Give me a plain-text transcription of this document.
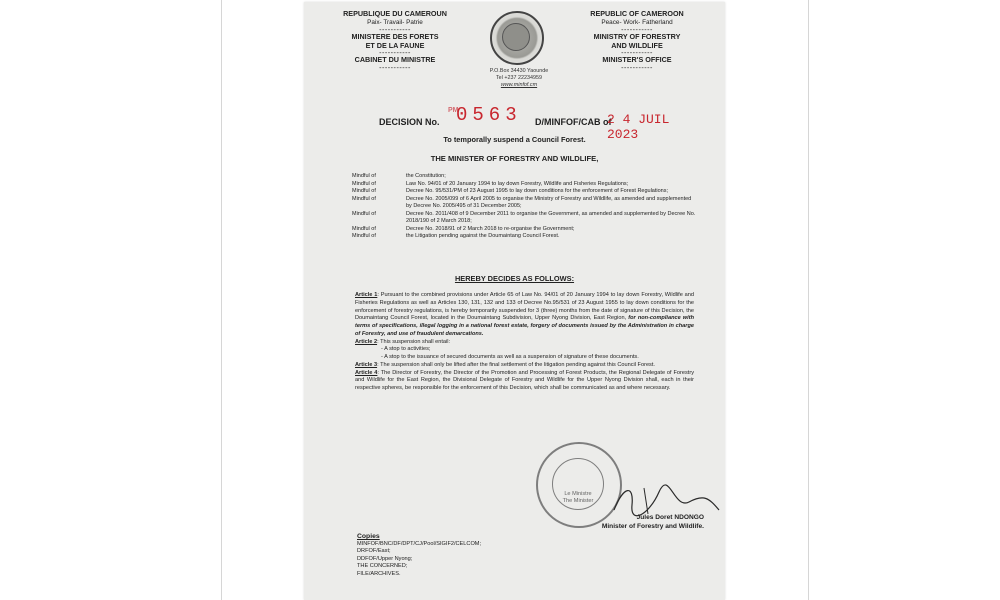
REPUBLIQUE DU CAMEROUN
Paix- Travail- Patrie
-----------
MINISTERE DES FORETS
ET DE LA FAUNE
-----------
CABINET DU MINISTRE
-----------
REPUBLIC OF CAMEROON
Peace- Work- Fatherland
-----------
MINISTRY OF FORESTRY
AND WILDLIFE
-----------
MINISTER'S OFFICE
-----------
P.O.Box 34430 Yaounde
Tel +237 22234959
www.minfof.cm
PM
DECISION No. 0563 D/MINFOF/CAB of
2 4 JUIL 2023
To temporally suspend a Council Forest.
THE MINISTER OF FORESTRY AND WILDLIFE,
Mindful of	the Constitution;
Mindful of	Law No. 94/01 of 20 January 1994 to lay down Forestry, Wildlife and Fisheries Regulations;
Mindful of	Decree No. 95/531/PM of 23 August 1995 to lay down conditions for the enforcement of Forest Regulations;
Mindful of	Decree No. 2005/099 of 6 April 2005 to organise the Ministry of Forestry and Wildlife, as amended and supplemented by Decree No. 2005/495 of 31 December 2005;
Mindful of	Decree No. 2011/408 of 9 December 2011 to organise the Government, as amended and supplemented by Decree No. 2018/190 of 2 March 2018;
Mindful of	Decree No. 2018/91 of 2 March 2018 to re-organise the Government;
Mindful of	the Litigation pending against the Doumaintang Council Forest.
HEREBY DECIDES AS FOLLOWS:

Article 1: Pursuant to the combined provisions under Article 65 of Law No. 94/01 of 20 January 1994 to lay down Forestry, Wildlife and Fisheries Regulations as well as Articles 130, 131, 132 and 133 of Decree No.95/531 of 23 August 1955 to lay down conditions for the enforcement of forestry regulations, is hereby temporarily suspended for 3 (three) months from the date of signature of this Decision, the Doumaintang Council Forest, located in the Doumaintang Subdivision, Upper Nyong Division, East Region, for non-compliance with terms of specifications, illegal logging in a national forest estate, forgery of documents issued by the Administration in charge of Forestry, and use of fraudulent demarcations.

Article 2: This suspension shall entail:

- A stop to activities;

- A stop to the issuance of secured documents as well as a suspension of signature of these documents.

Article 3: The suspension shall only be lifted after the final settlement of the litigation pending against this Council Forest.

Article 4: The Director of Forestry, the Director of the Promotion and Processing of Forest Products, the Regional Delegate of Forestry and Wildlife for the East Region, the Divisional Delegate of Forestry and Wildlife for the Upper Nyong Division shall, each in their respective spheres, be responsible for the enforcement of this Decision, which shall be communicated as and where necessary.

Le Ministre
The Minister
Jules Doret NDONGO
Minister of Forestry and Wildlife.
Copies
MINFOF/BNC/DF/DPT/CJ/Pool/SIGIF2/CELCOM;
DRFOF/East;
DDFOF/Upper Nyong;
THE CONCERNED;
FILE/ARCHIVES.
